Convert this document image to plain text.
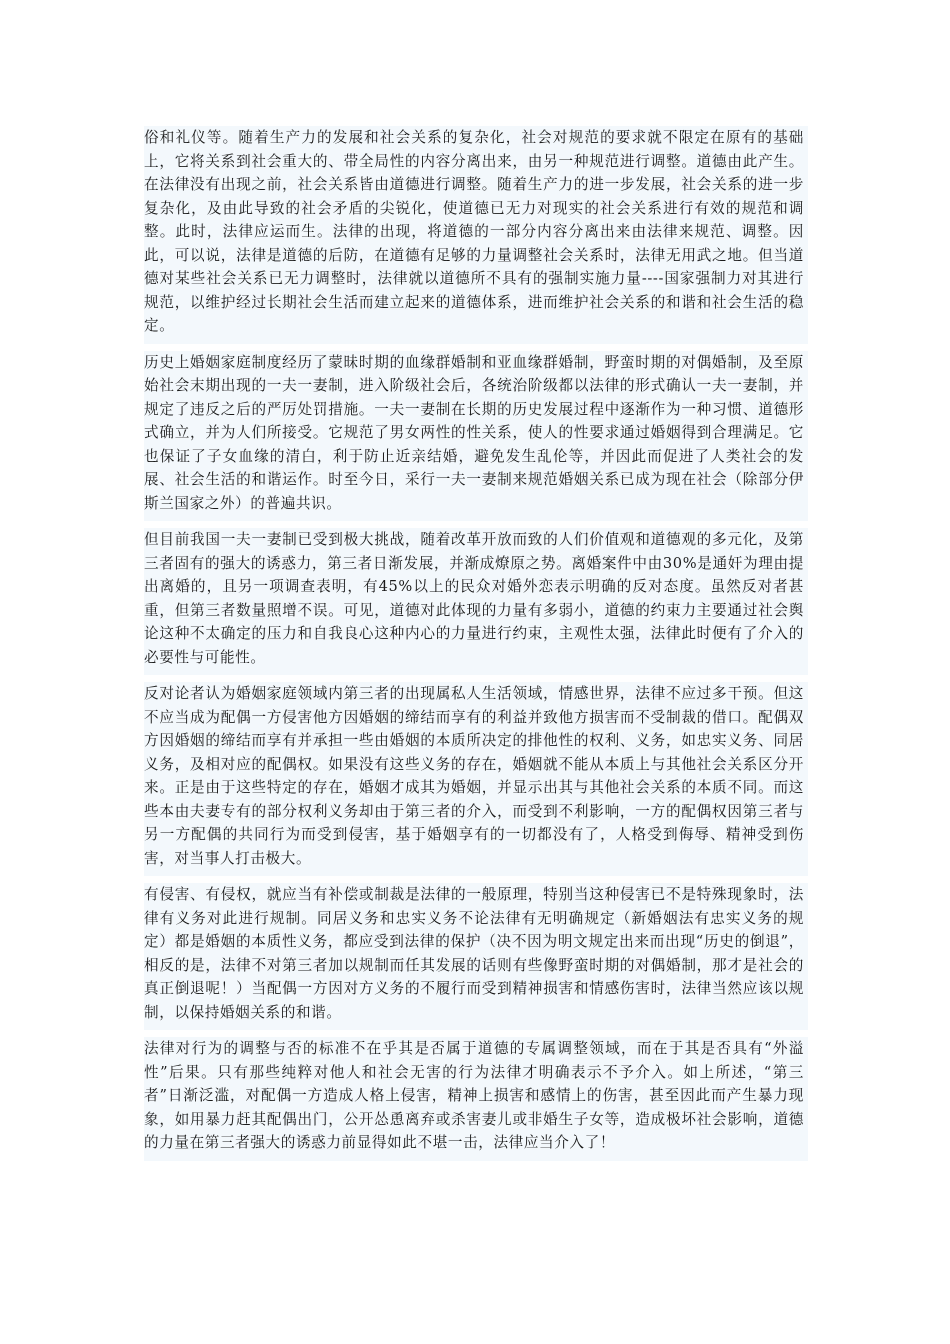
俗和礼仪等。随着生产力的发展和社会关系的复杂化，社会对规范的要求就不限定在原有的基础上，它将关系到社会重大的、带全局性的内容分离出来，由另一种规范进行调整。道德由此产生。在法律没有出现之前，社会关系皆由道德进行调整。随着生产力的进一步发展，社会关系的进一步复杂化，及由此导致的社会矛盾的尖锐化，使道德已无力对现实的社会关系进行有效的规范和调整。此时，法律应运而生。法律的出现，将道德的一部分内容分离出来由法律来规范、调整。因此，可以说，法律是道德的后防，在道德有足够的力量调整社会关系时，法律无用武之地。但当道德对某些社会关系已无力调整时，法律就以道德所不具有的强制实施力量----国家强制力对其进行规范，以维护经过长期社会生活而建立起来的道德体系，进而维护社会关系的和谐和社会生活的稳定。

历史上婚姻家庭制度经历了蒙昧时期的血缘群婚制和亚血缘群婚制，野蛮时期的对偶婚制，及至原始社会末期出现的一夫一妻制，进入阶级社会后，各统治阶级都以法律的形式确认一夫一妻制，并规定了违反之后的严厉处罚措施。一夫一妻制在长期的历史发展过程中逐渐作为一种习惯、道德形式确立，并为人们所接受。它规范了男女两性的性关系，使人的性要求通过婚姻得到合理满足。它也保证了子女血缘的清白，利于防止近亲结婚，避免发生乱伦等，并因此而促进了人类社会的发展、社会生活的和谐运作。时至今日，采行一夫一妻制来规范婚姻关系已成为现在社会（除部分伊斯兰国家之外）的普遍共识。

但目前我国一夫一妻制已受到极大挑战，随着改革开放而致的人们价值观和道德观的多元化，及第三者固有的强大的诱惑力，第三者日渐发展，并渐成燎原之势。离婚案件中由30%是通奸为理由提出离婚的，且另一项调查表明，有45%以上的民众对婚外恋表示明确的反对态度。虽然反对者甚重，但第三者数量照增不误。可见，道德对此体现的力量有多弱小，道德的约束力主要通过社会舆论这种不太确定的压力和自我良心这种内心的力量进行约束，主观性太强，法律此时便有了介入的必要性与可能性。

反对论者认为婚姻家庭领域内第三者的出现属私人生活领域，情感世界，法律不应过多干预。但这不应当成为配偶一方侵害他方因婚姻的缔结而享有的利益并致他方损害而不受制裁的借口。配偶双方因婚姻的缔结而享有并承担一些由婚姻的本质所决定的排他性的权利、义务，如忠实义务、同居义务，及相对应的配偶权。如果没有这些义务的存在，婚姻就不能从本质上与其他社会关系区分开来。正是由于这些特定的存在，婚姻才成其为婚姻，并显示出其与其他社会关系的本质不同。而这些本由夫妻专有的部分权利义务却由于第三者的介入，而受到不利影响，一方的配偶权因第三者与另一方配偶的共同行为而受到侵害，基于婚姻享有的一切都没有了，人格受到侮辱、精神受到伤害，对当事人打击极大。

有侵害、有侵权，就应当有补偿或制裁是法律的一般原理，特别当这种侵害已不是特殊现象时，法律有义务对此进行规制。同居义务和忠实义务不论法律有无明确规定（新婚姻法有忠实义务的规定）都是婚姻的本质性义务，都应受到法律的保护（决不因为明文规定出来而出现“历史的倒退”，相反的是，法律不对第三者加以规制而任其发展的话则有些像野蛮时期的对偶婚制，那才是社会的真正倒退呢！）当配偶一方因对方义务的不履行而受到精神损害和情感伤害时，法律当然应该以规制，以保持婚姻关系的和谐。

法律对行为的调整与否的标准不在乎其是否属于道德的专属调整领域，而在于其是否具有“外溢性”后果。只有那些纯粹对他人和社会无害的行为法律才明确表示不予介入。如上所述，“第三者”日渐泛滥，对配偶一方造成人格上侵害，精神上损害和感情上的伤害，甚至因此而产生暴力现象，如用暴力赶其配偶出门，公开怂恿离弃或杀害妻儿或非婚生子女等，造成极坏社会影响，道德的力量在第三者强大的诱惑力前显得如此不堪一击，法律应当介入了！
